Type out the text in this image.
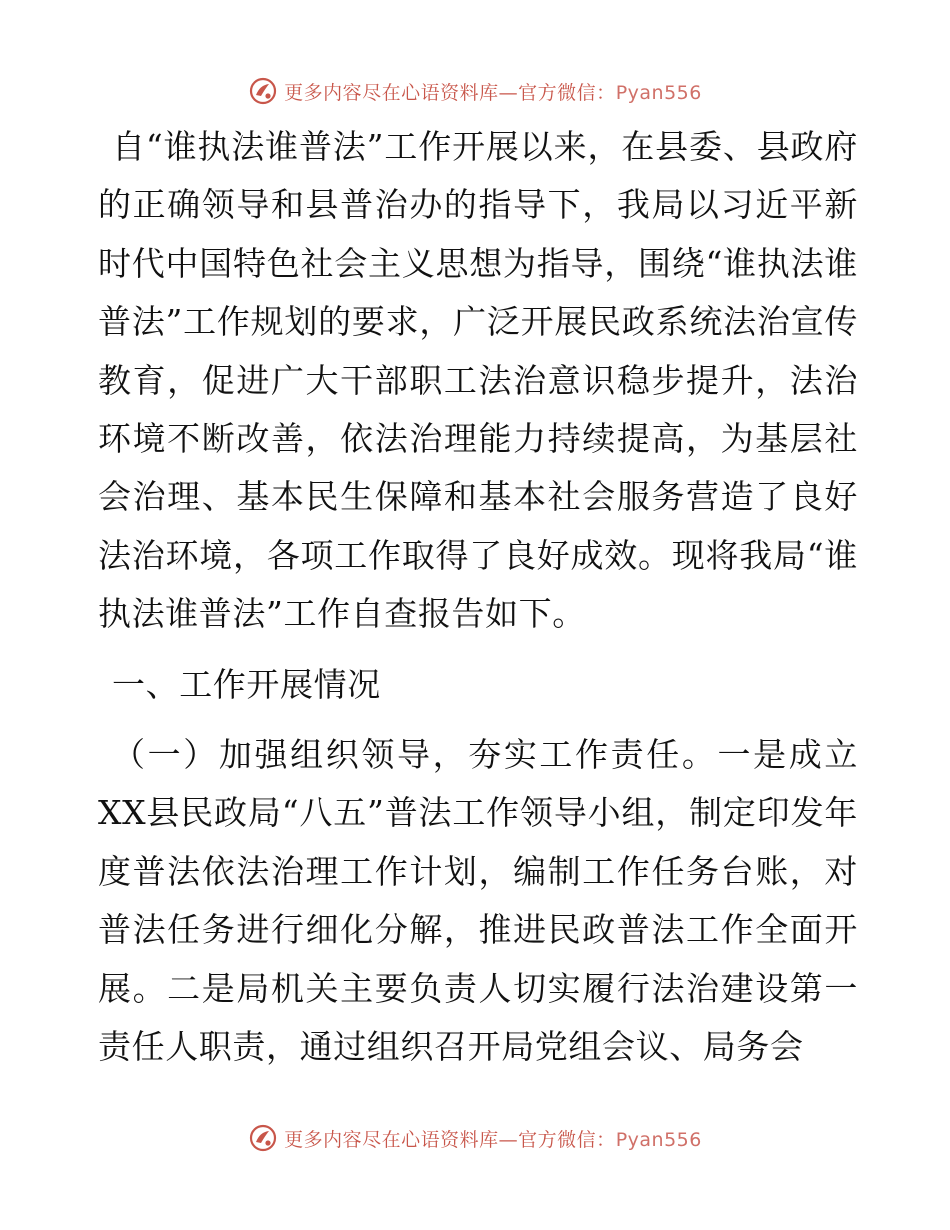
更多内容尽在心语资料库—官方微信：Pyan556

自“谁执法谁普法”工作开展以来，在县委、县政府的正确领导和县普治办的指导下，我局以习近平新时代中国特色社会主义思想为指导，围绕“谁执法谁普法”工作规划的要求，广泛开展民政系统法治宣传教育，促进广大干部职工法治意识稳步提升，法治环境不断改善，依法治理能力持续提高，为基层社会治理、基本民生保障和基本社会服务营造了良好法治环境，各项工作取得了良好成效。现将我局“谁执法谁普法”工作自查报告如下。

一、工作开展情况

（一）加强组织领导，夯实工作责任。一是成立XX县民政局“八五”普法工作领导小组，制定印发年度普法依法治理工作计划，编制工作任务台账，对普法任务进行细化分解，推进民政普法工作全面开展。二是局机关主要负责人切实履行法治建设第一责任人职责，通过组织召开局党组会议、局务会

更多内容尽在心语资料库—官方微信：Pyan556
